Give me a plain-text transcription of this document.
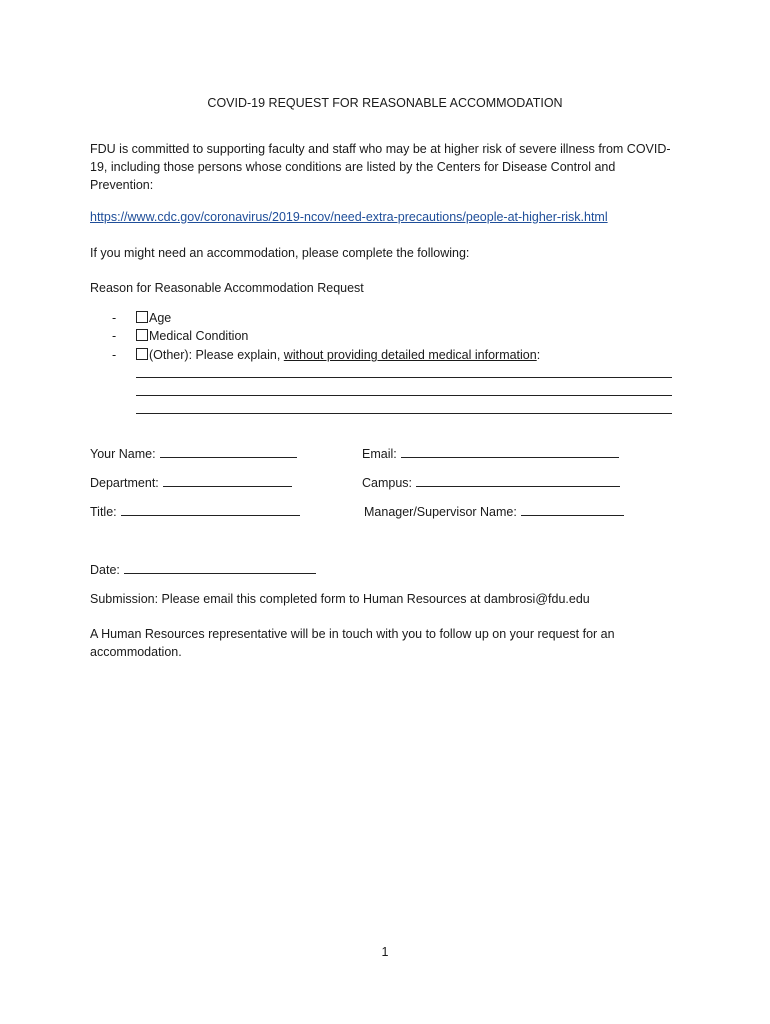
COVID-19 REQUEST FOR REASONABLE ACCOMMODATION

FDU is committed to supporting faculty and staff who may be at higher risk of severe illness from COVID-

19, including those persons whose conditions are listed by the Centers for Disease Control and

Prevention:

https://www.cdc.gov/coronavirus/2019-ncov/need-extra-precautions/people-at-higher-risk.html
If you might need an accommodation, please complete the following:
Reason for Reasonable Accommodation Request
-	Age
-	Medical Condition
-	(Other): Please explain, without providing detailed medical information:
Your Name:	Email:
Department:	Campus:
Title:	Manager/Supervisor Name:
Date:
Submission: Please email this completed form to Human Resources at dambrosi@fdu.edu
A Human Resources representative will be in touch with you to follow up on your request for an
accommodation.
1
